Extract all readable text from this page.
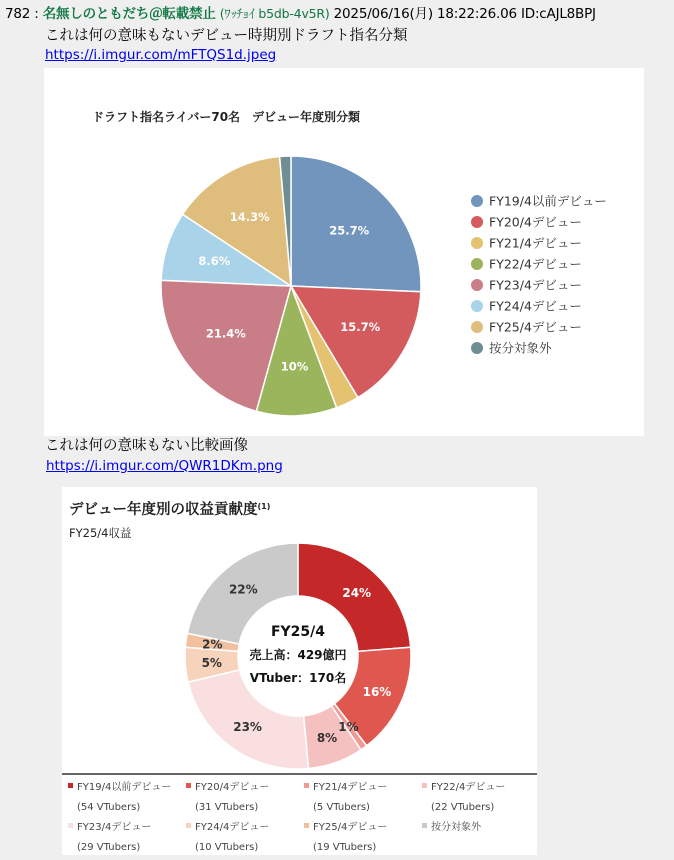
782 : 名無しのともだち＠転載禁止 (ﾜｯﾁｮｲ b5db-4v5R) 2025/06/16(月) 18:22:26.06 ID:cAJL8BPJ
これは何の意味もないデビュー時期別ドラフト指名分類
https://i.imgur.com/mFTQS1d.jpeg
ドラフト指名ライバー70名　デビュー年度別分類
25.7%
15.7%
10%
21.4%
8.6%
14.3%
FY19/4以前デビュー
FY20/4デビュー
FY21/4デビュー
FY22/4デビュー
FY23/4デビュー
FY24/4デビュー
FY25/4デビュー
按分対象外
これは何の意味もない比較画像
https://i.imgur.com/QWR1DKm.png
デビュー年度別の収益貢献度$^{(1)}$
FY25/4収益
24%
16%
1%
8%
23%
5%
2%
22%
FY25/4
売上高：429億円
VTuber：170名
FY19/4以前デビュー
(54 VTubers)
FY20/4デビュー
(31 VTubers)
FY21/4デビュー
(5 VTubers)
FY22/4デビュー
(22 VTubers)
FY23/4デビュー
(29 VTubers)
FY24/4デビュー
(10 VTubers)
FY25/4デビュー
(19 VTubers)
按分対象外
